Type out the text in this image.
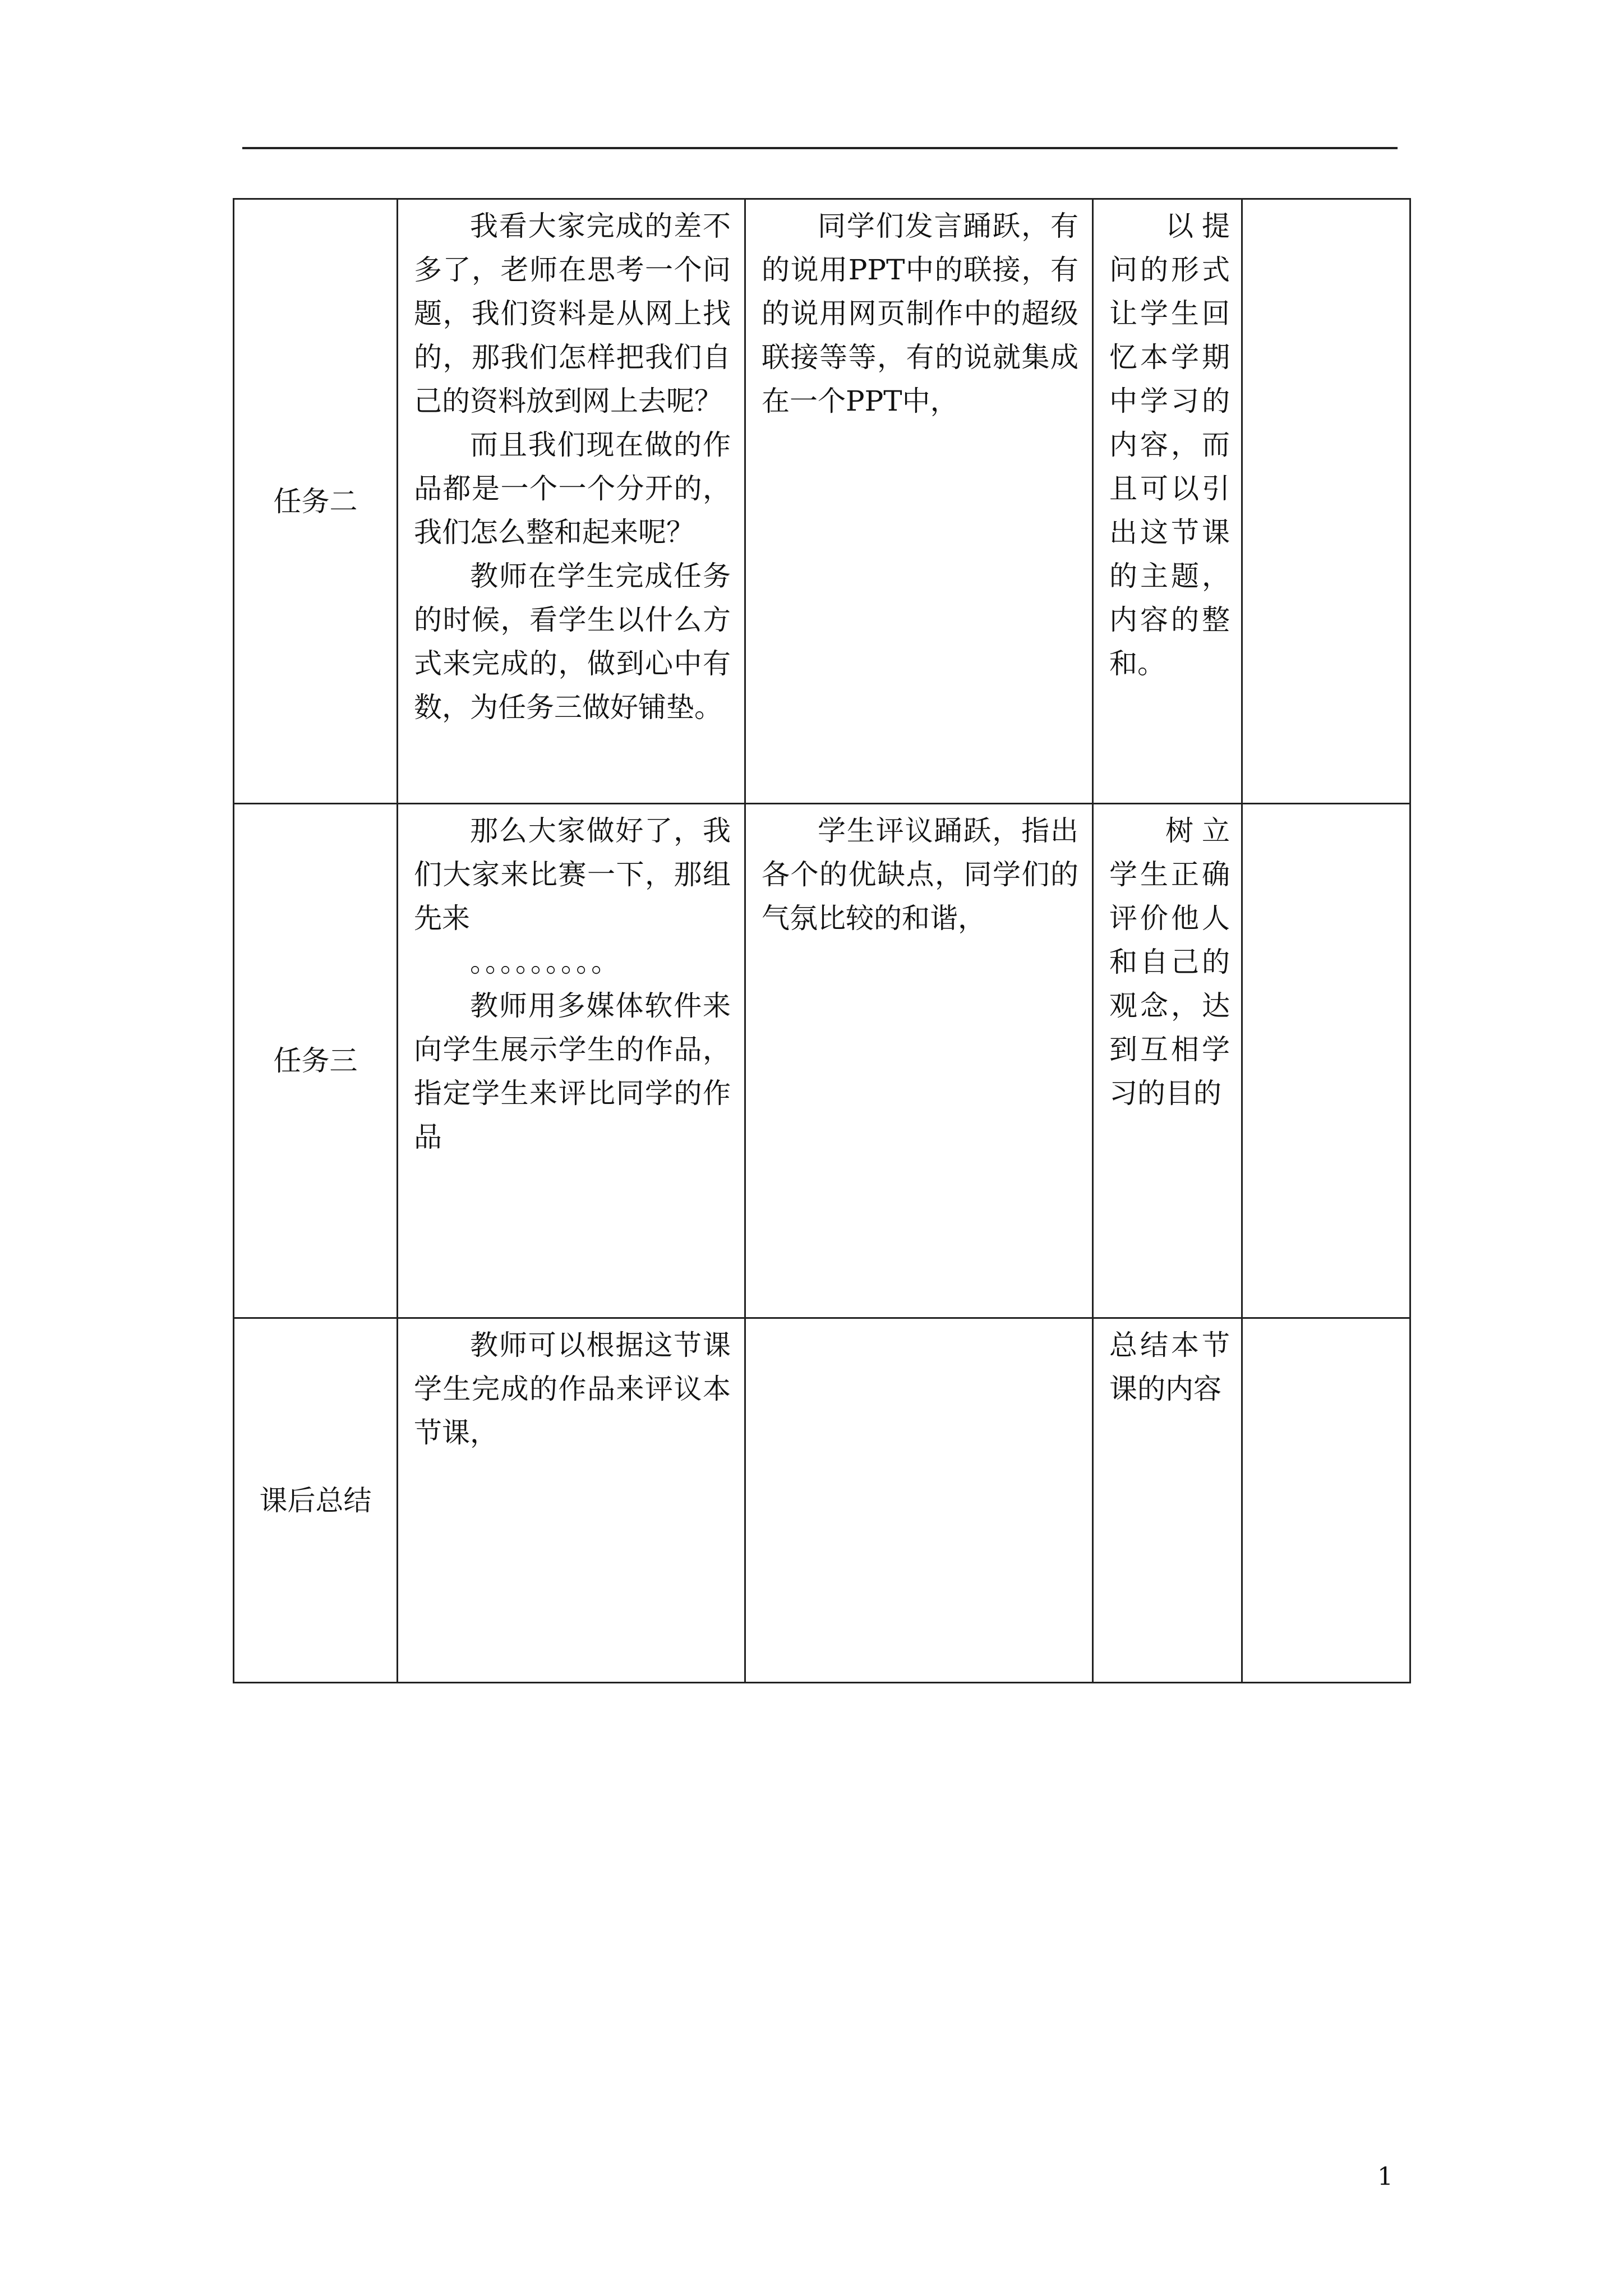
任务二	我看大家完成的差不多了，老师在思考一个问题，我们资料是从网上找的，那我们怎样把我们自己的资料放到网上去呢？

而且我们现在做的作品都是一个一个分开的，我们怎么整和起来呢？

教师在学生完成任务的时候，看学生以什么方式来完成的，做到心中有数，为任务三做好铺垫。	同学们发言踊跃，有的说用PPT中的联接，有的说用网页制作中的超级联接等等，有的说就集成在一个PPT中，	以提问的形式让学生回忆本学期中学习的内容，而且可以引出这节课的主题，内容的整和。	

任务三	那么大家做好了，我们大家来比赛一下，那组先来

。。。。。。。。。

教师用多媒体软件来向学生展示学生的作品，指定学生来评比同学的作品	学生评议踊跃，指出各个的优缺点，同学们的气氛比较的和谐，	树立学生正确评价他人和自己的观念，达到互相学习的目的	

课后总结	教师可以根据这节课学生完成的作品来评议本节课，		总结本节课的内容	

1
